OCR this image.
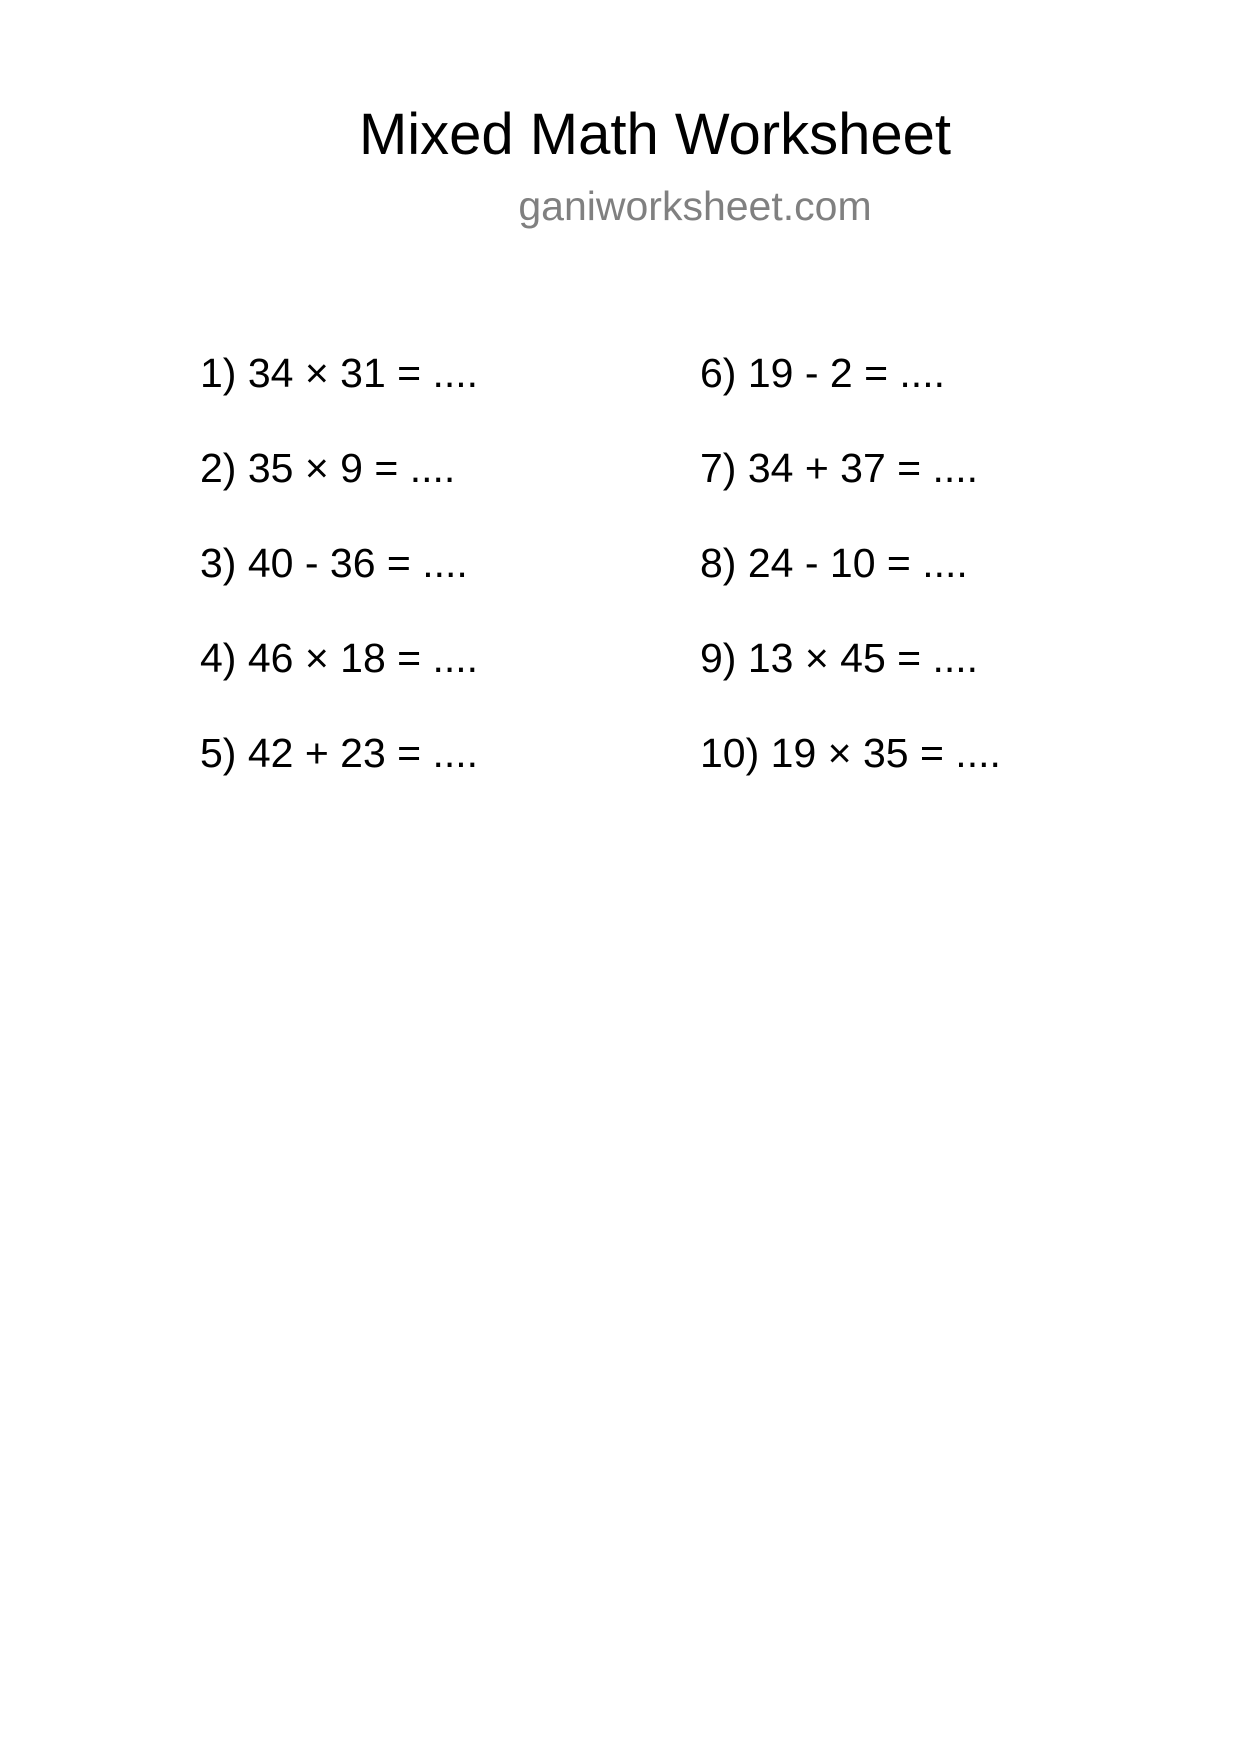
Mixed Math Worksheet
ganiworksheet.com
1) 34 × 31 = ....
2) 35 × 9 = ....
3) 40 - 36 = ....
4) 46 × 18 = ....
5) 42 + 23 = ....
6) 19 - 2 = ....
7) 34 + 37 = ....
8) 24 - 10 = ....
9) 13 × 45 = ....
10) 19 × 35 = ....
